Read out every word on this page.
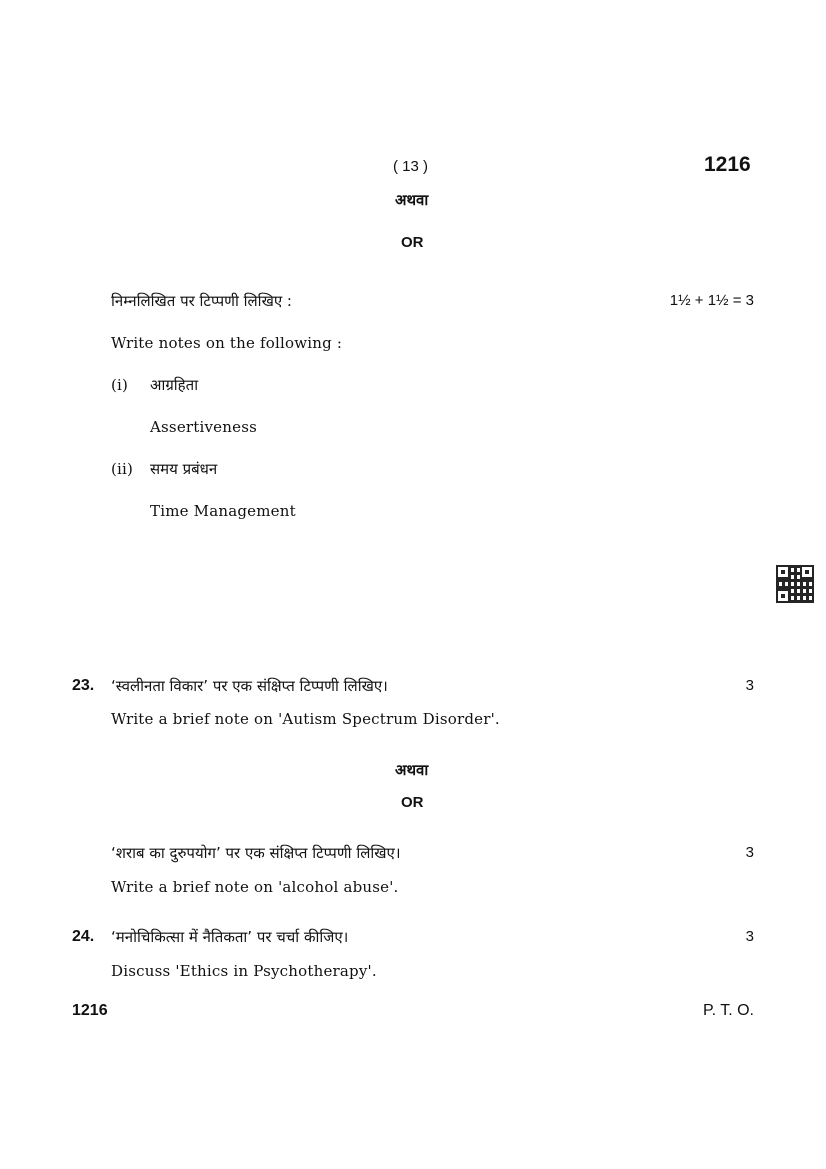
( 13 )	1216
अथवा
OR
निम्नलिखित पर टिप्पणी लिखिए :	1½ + 1½ = 3
Write notes on the following :
(i) आग्रहिता
Assertiveness
(ii) समय प्रबंधन
Time Management
23. ‘स्वलीनता विकार’ पर एक संक्षिप्त टिप्पणी लिखिए।	3
Write a brief note on 'Autism Spectrum Disorder'.
अथवा
OR
‘शराब का दुरुपयोग’ पर एक संक्षिप्त टिप्पणी लिखिए।	3
Write a brief note on 'alcohol abuse'.
24. ‘मनोचिकित्सा में नैतिकता’ पर चर्चा कीजिए।	3
Discuss 'Ethics in Psychotherapy'.
1216	P. T. O.
